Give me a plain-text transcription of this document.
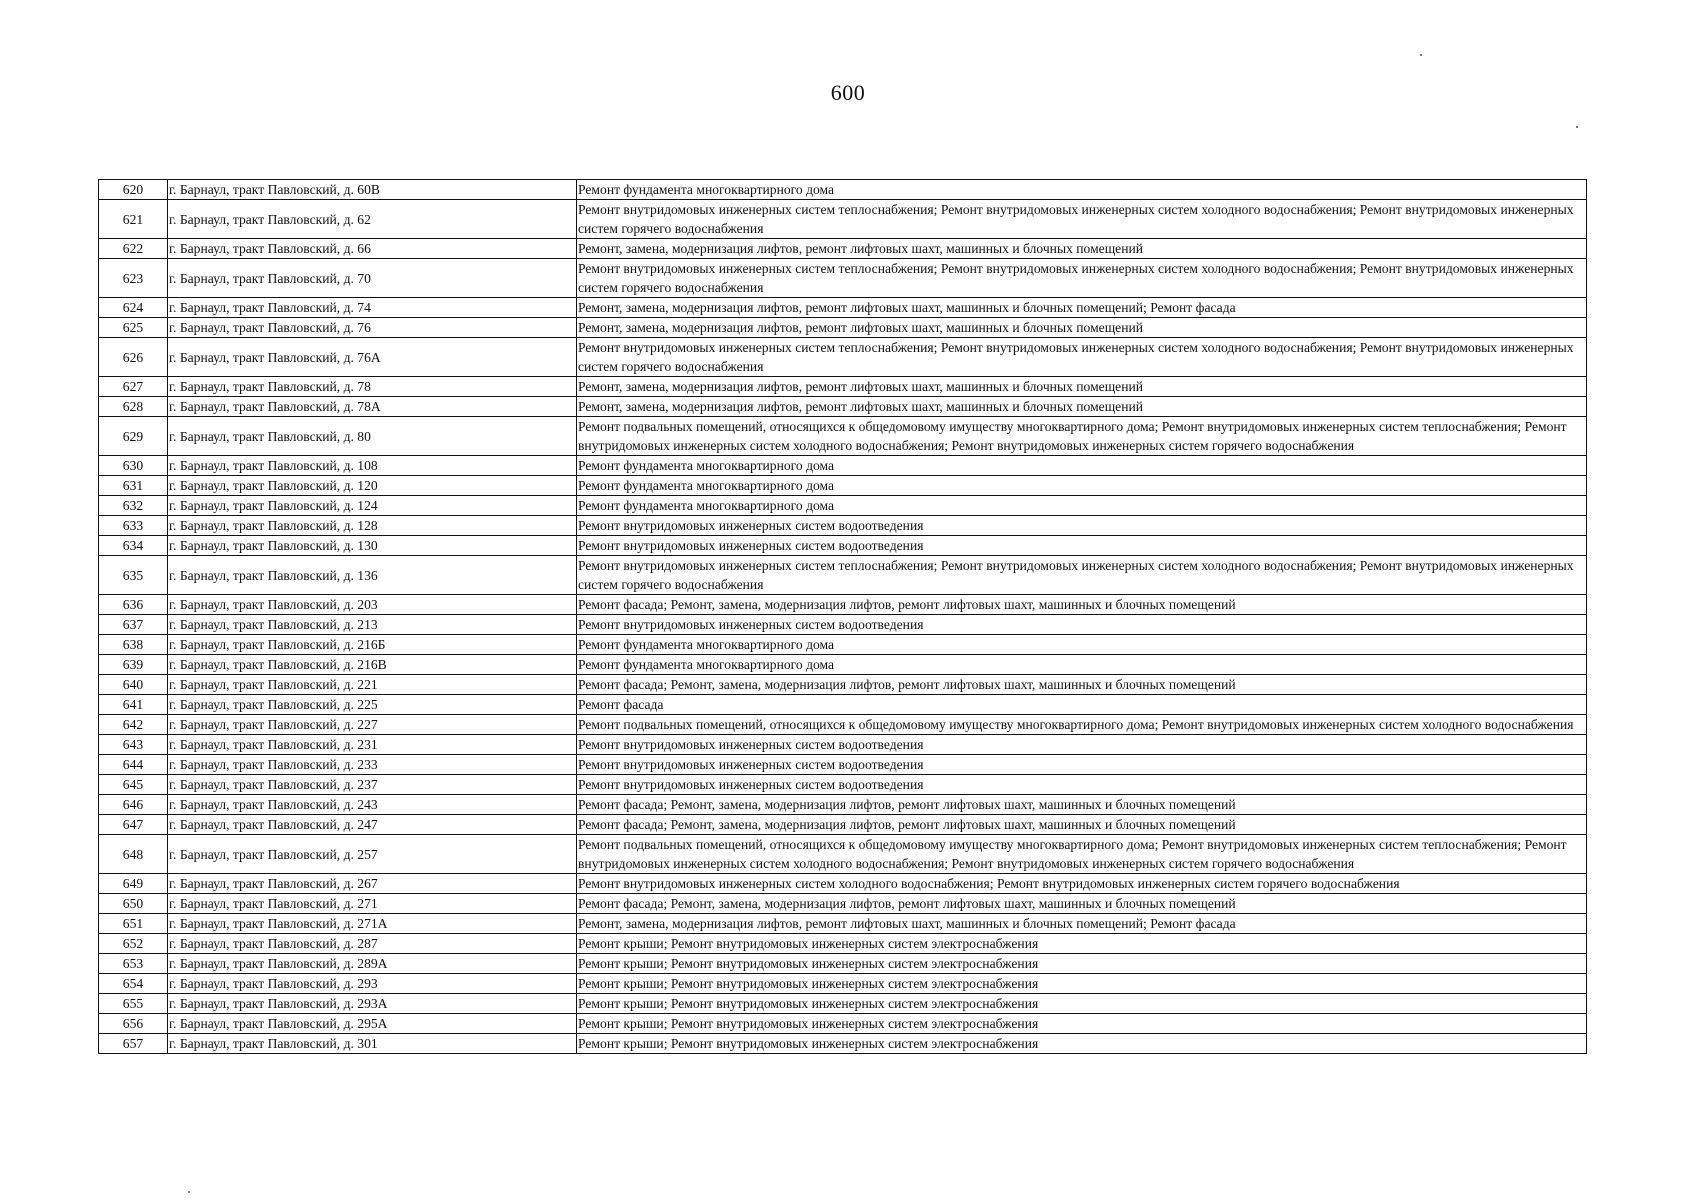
600
620	г. Барнаул, тракт Павловский, д. 60В	Ремонт фундамента многоквартирного дома
621	г. Барнаул, тракт Павловский, д. 62	Ремонт внутридомовых инженерных систем теплоснабжения; Ремонт внутридомовых инженерных систем холодного водоснабжения; Ремонт внутридомовых инженерных систем горячего водоснабжения
622	г. Барнаул, тракт Павловский, д. 66	Ремонт, замена, модернизация лифтов, ремонт лифтовых шахт, машинных и блочных помещений
623	г. Барнаул, тракт Павловский, д. 70	Ремонт внутридомовых инженерных систем теплоснабжения; Ремонт внутридомовых инженерных систем холодного водоснабжения; Ремонт внутридомовых инженерных систем горячего водоснабжения
624	г. Барнаул, тракт Павловский, д. 74	Ремонт, замена, модернизация лифтов, ремонт лифтовых шахт, машинных и блочных помещений; Ремонт фасада
625	г. Барнаул, тракт Павловский, д. 76	Ремонт, замена, модернизация лифтов, ремонт лифтовых шахт, машинных и блочных помещений
626	г. Барнаул, тракт Павловский, д. 76А	Ремонт внутридомовых инженерных систем теплоснабжения; Ремонт внутридомовых инженерных систем холодного водоснабжения; Ремонт внутридомовых инженерных систем горячего водоснабжения
627	г. Барнаул, тракт Павловский, д. 78	Ремонт, замена, модернизация лифтов, ремонт лифтовых шахт, машинных и блочных помещений
628	г. Барнаул, тракт Павловский, д. 78А	Ремонт, замена, модернизация лифтов, ремонт лифтовых шахт, машинных и блочных помещений
629	г. Барнаул, тракт Павловский, д. 80	Ремонт подвальных помещений, относящихся к общедомовому имуществу многоквартирного дома; Ремонт внутридомовых инженерных систем теплоснабжения; Ремонт внутридомовых инженерных систем холодного водоснабжения; Ремонт внутридомовых инженерных систем горячего водоснабжения
630	г. Барнаул, тракт Павловский, д. 108	Ремонт фундамента многоквартирного дома
631	г. Барнаул, тракт Павловский, д. 120	Ремонт фундамента многоквартирного дома
632	г. Барнаул, тракт Павловский, д. 124	Ремонт фундамента многоквартирного дома
633	г. Барнаул, тракт Павловский, д. 128	Ремонт внутридомовых инженерных систем водоотведения
634	г. Барнаул, тракт Павловский, д. 130	Ремонт внутридомовых инженерных систем водоотведения
635	г. Барнаул, тракт Павловский, д. 136	Ремонт внутридомовых инженерных систем теплоснабжения; Ремонт внутридомовых инженерных систем холодного водоснабжения; Ремонт внутридомовых инженерных систем горячего водоснабжения
636	г. Барнаул, тракт Павловский, д. 203	Ремонт фасада; Ремонт, замена, модернизация лифтов, ремонт лифтовых шахт, машинных и блочных помещений
637	г. Барнаул, тракт Павловский, д. 213	Ремонт внутридомовых инженерных систем водоотведения
638	г. Барнаул, тракт Павловский, д. 216Б	Ремонт фундамента многоквартирного дома
639	г. Барнаул, тракт Павловский, д. 216В	Ремонт фундамента многоквартирного дома
640	г. Барнаул, тракт Павловский, д. 221	Ремонт фасада; Ремонт, замена, модернизация лифтов, ремонт лифтовых шахт, машинных и блочных помещений
641	г. Барнаул, тракт Павловский, д. 225	Ремонт фасада
642	г. Барнаул, тракт Павловский, д. 227	Ремонт подвальных помещений, относящихся к общедомовому имуществу многоквартирного дома; Ремонт внутридомовых инженерных систем холодного водоснабжения
643	г. Барнаул, тракт Павловский, д. 231	Ремонт внутридомовых инженерных систем водоотведения
644	г. Барнаул, тракт Павловский, д. 233	Ремонт внутридомовых инженерных систем водоотведения
645	г. Барнаул, тракт Павловский, д. 237	Ремонт внутридомовых инженерных систем водоотведения
646	г. Барнаул, тракт Павловский, д. 243	Ремонт фасада; Ремонт, замена, модернизация лифтов, ремонт лифтовых шахт, машинных и блочных помещений
647	г. Барнаул, тракт Павловский, д. 247	Ремонт фасада; Ремонт, замена, модернизация лифтов, ремонт лифтовых шахт, машинных и блочных помещений
648	г. Барнаул, тракт Павловский, д. 257	Ремонт подвальных помещений, относящихся к общедомовому имуществу многоквартирного дома; Ремонт внутридомовых инженерных систем теплоснабжения; Ремонт внутридомовых инженерных систем холодного водоснабжения; Ремонт внутридомовых инженерных систем горячего водоснабжения
649	г. Барнаул, тракт Павловский, д. 267	Ремонт внутридомовых инженерных систем холодного водоснабжения; Ремонт внутридомовых инженерных систем горячего водоснабжения
650	г. Барнаул, тракт Павловский, д. 271	Ремонт фасада; Ремонт, замена, модернизация лифтов, ремонт лифтовых шахт, машинных и блочных помещений
651	г. Барнаул, тракт Павловский, д. 271А	Ремонт, замена, модернизация лифтов, ремонт лифтовых шахт, машинных и блочных помещений; Ремонт фасада
652	г. Барнаул, тракт Павловский, д. 287	Ремонт крыши; Ремонт внутридомовых инженерных систем электроснабжения
653	г. Барнаул, тракт Павловский, д. 289А	Ремонт крыши; Ремонт внутридомовых инженерных систем электроснабжения
654	г. Барнаул, тракт Павловский, д. 293	Ремонт крыши; Ремонт внутридомовых инженерных систем электроснабжения
655	г. Барнаул, тракт Павловский, д. 293А	Ремонт крыши; Ремонт внутридомовых инженерных систем электроснабжения
656	г. Барнаул, тракт Павловский, д. 295А	Ремонт крыши; Ремонт внутридомовых инженерных систем электроснабжения
657	г. Барнаул, тракт Павловский, д. 301	Ремонт крыши; Ремонт внутридомовых инженерных систем электроснабжения
